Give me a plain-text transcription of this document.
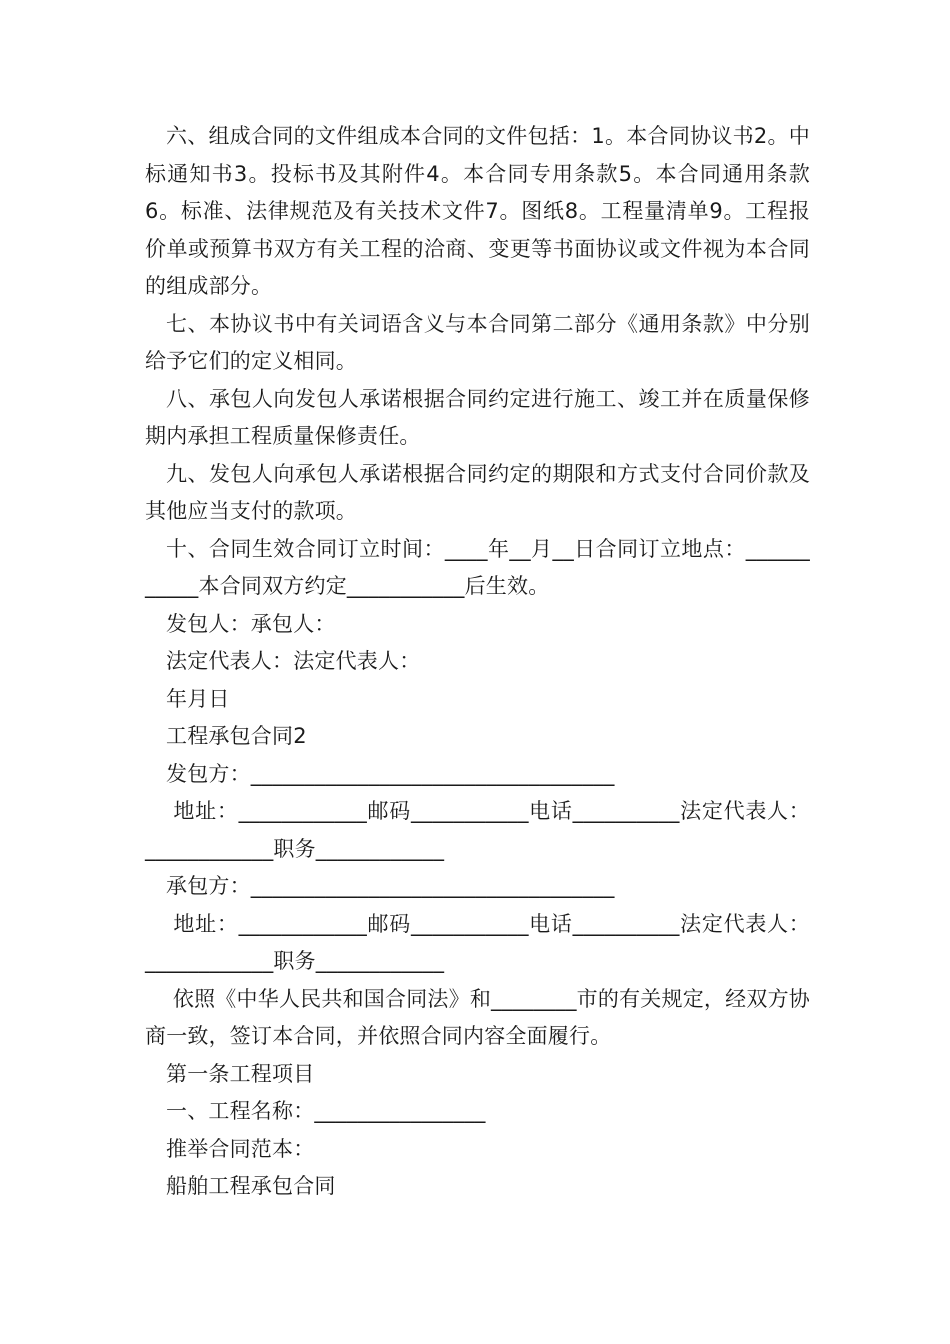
六、组成合同的文件组成本合同的文件包括：1。本合同协议书2。中标通知书3。投标书及其附件4。本合同专用条款5。本合同通用条款6。标准、法律规范及有关技术文件7。图纸8。工程量清单9。工程报价单或预算书双方有关工程的洽商、变更等书面协议或文件视为本合同的组成部分。

七、本协议书中有关词语含义与本合同第二部分《通用条款》中分别给予它们的定义相同。

八、承包人向发包人承诺根据合同约定进行施工、竣工并在质量保修期内承担工程质量保修责任。

九、发包人向承包人承诺根据合同约定的期限和方式支付合同价款及其他应当支付的款项。

十、合同生效合同订立时间：____年__月__日合同订立地点：___________本合同双方约定___________后生效。

发包人：承包人：

法定代表人：法定代表人：

年月日

工程承包合同2

发包方：__________________________________

地址：____________邮码___________电话__________法定代表人：____________职务____________

承包方：__________________________________

地址：____________邮码___________电话__________法定代表人：____________职务____________

依照《中华人民共和国合同法》和________市的有关规定，经双方协商一致，签订本合同，并依照合同内容全面履行。

第一条工程项目

一、工程名称：________________

推举合同范本：

船舶工程承包合同
